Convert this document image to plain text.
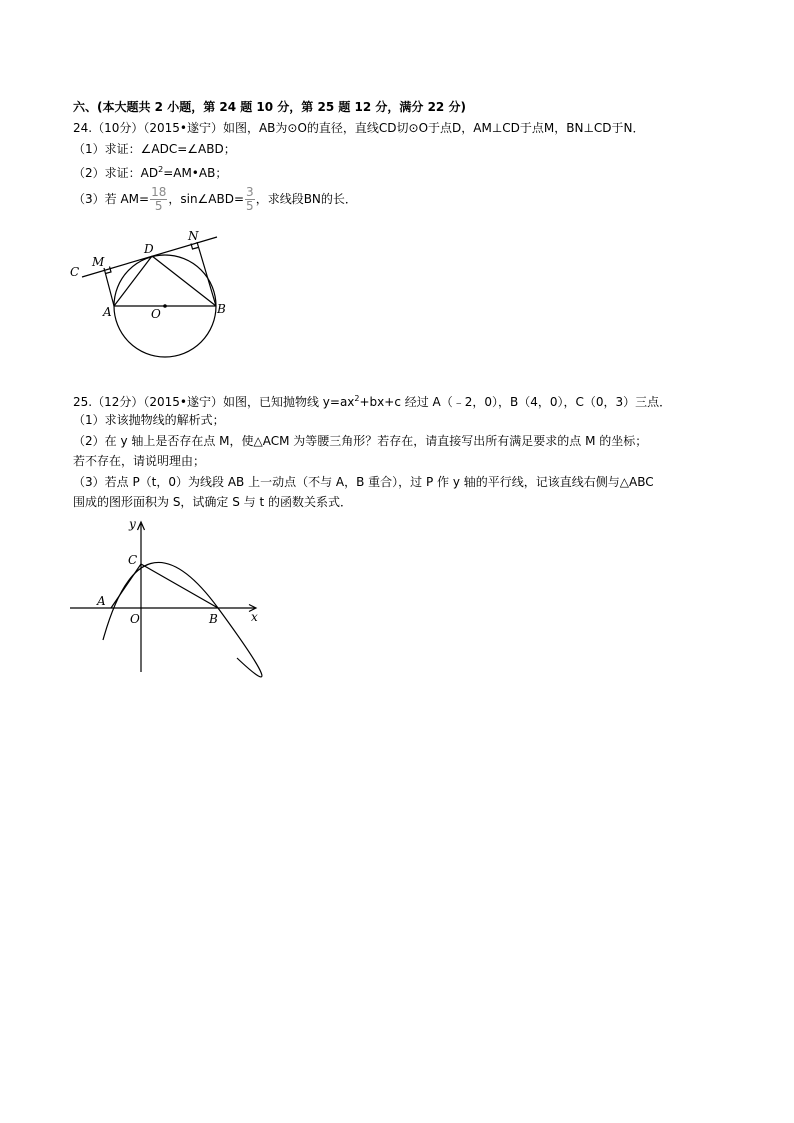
六、(本大题共 2 小题，第 24 题 10 分，第 25 题 12 分，满分 22 分)
24.（10分）（2015•遂宁）如图，AB为⊙O的直径，直线CD切⊙O于点D，AM⊥CD于点M，BN⊥CD于N．
（1）求证：∠ADC=∠ABD；
（2）求证：$AD^2=AM•AB$；
（3）若 $AM= \frac{18}{5}$ ，sin∠ABD= $\frac{3}{5}$ ，求线段BN的长．
C
M
D
N
A	O	B
25.（12分）（2015•遂宁）如图，已知抛物线 $y=ax^2+bx+c$ 经过 A（﹣2，0），B（4，0），C（0，3）三点．
（1）求该抛物线的解析式；
（2）在 y 轴上是否存在点 M，使△ACM 为等腰三角形？若存在，请直接写出所有满足要求的点 M 的坐标；
若不存在，请说明理由；
（3）若点 P（t，0）为线段 AB 上一动点（不与 A，B 重合），过 P 作 y 轴的平行线，记该直线右侧与△ABC
围成的图形面积为 S，试确定 S 与 t 的函数关系式．
y
x
C
A
O	B
